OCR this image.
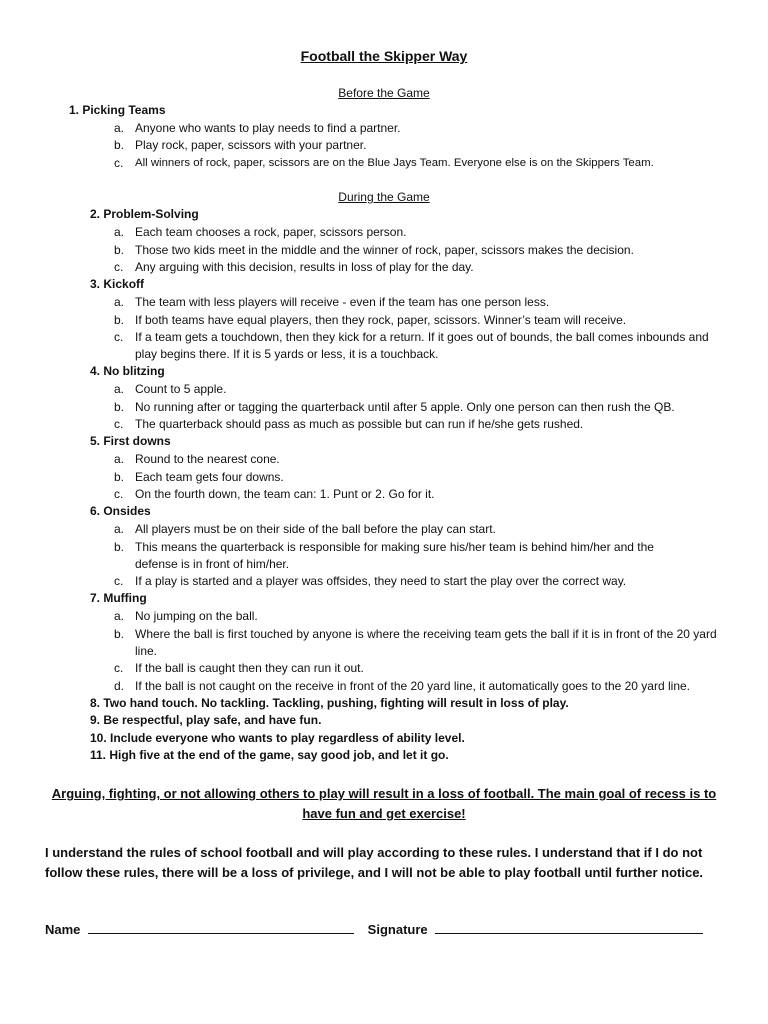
Football the Skipper Way
Before the Game
1. Picking Teams
a. Anyone who wants to play needs to find a partner.
b. Play rock, paper, scissors with your partner.
c. All winners of rock, paper, scissors are on the Blue Jays Team. Everyone else is on the Skippers Team.
During the Game
2. Problem-Solving
a. Each team chooses a rock, paper, scissors person.
b. Those two kids meet in the middle and the winner of rock, paper, scissors makes the decision.
c. Any arguing with this decision, results in loss of play for the day.
3. Kickoff
a. The team with less players will receive - even if the team has one person less.
b. If both teams have equal players, then they rock, paper, scissors. Winner’s team will receive.
c. If a team gets a touchdown, then they kick for a return. If it goes out of bounds, the ball comes inbounds and play begins there. If it is 5 yards or less, it is a touchback.
4. No blitzing
a. Count to 5 apple.
b. No running after or tagging the quarterback until after 5 apple. Only one person can then rush the QB.
c. The quarterback should pass as much as possible but can run if he/she gets rushed.
5. First downs
a. Round to the nearest cone.
b. Each team gets four downs.
c. On the fourth down, the team can: 1. Punt or 2. Go for it.
6. Onsides
a. All players must be on their side of the ball before the play can start.
b. This means the quarterback is responsible for making sure his/her team is behind him/her and the defense is in front of him/her.
c. If a play is started and a player was offsides, they need to start the play over the correct way.
7. Muffing
a. No jumping on the ball.
b. Where the ball is first touched by anyone is where the receiving team gets the ball if it is in front of the 20 yard line.
c. If the ball is caught then they can run it out.
d. If the ball is not caught on the receive in front of the 20 yard line, it automatically goes to the 20 yard line.
8. Two hand touch. No tackling. Tackling, pushing, fighting will result in loss of play.
9. Be respectful, play safe, and have fun.
10. Include everyone who wants to play regardless of ability level.
11. High five at the end of the game, say good job, and let it go.
Arguing, fighting, or not allowing others to play will result in a loss of football. The main goal of recess is to have fun and get exercise!
I understand the rules of school football and will play according to these rules. I understand that if I do not follow these rules, there will be a loss of privilege, and I will not be able to play football until further notice.
Name	Signature
